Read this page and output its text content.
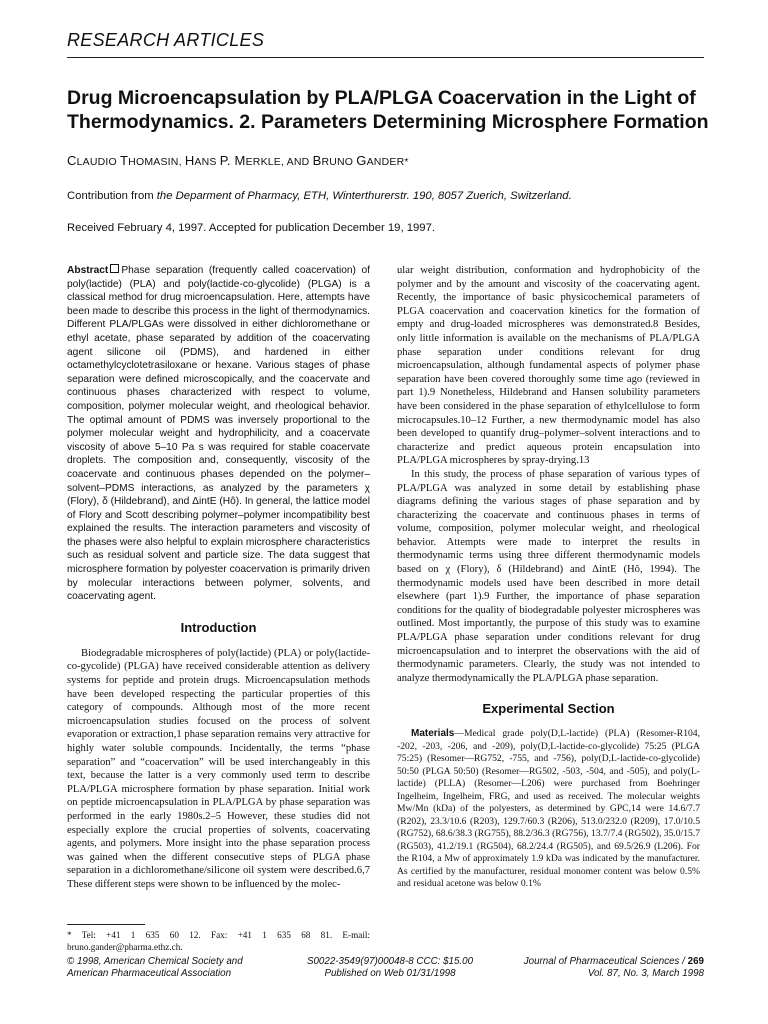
RESEARCH ARTICLES
Drug Microencapsulation by PLA/PLGA Coacervation in the Light of Thermodynamics. 2. Parameters Determining Microsphere Formation
CLAUDIO THOMASIN, HANS P. MERKLE, AND BRUNO GANDER*
Contribution from the Deparment of Pharmacy, ETH, Winterthurerstr. 190, 8057 Zuerich, Switzerland.
Received February 4, 1997. Accepted for publication December 19, 1997.

Abstract Phase separation (frequently called coacervation) of poly(lactide) (PLA) and poly(lactide-co-glycolide) (PLGA) is a classical method for drug microencapsulation. Here, attempts have been made to describe this process in the light of thermodynamics. Different PLA/PLGAs were dissolved in either dichloromethane or ethyl acetate, phase separated by addition of the coacervating agent silicone oil (PDMS), and hardened in either octamethylcyclotetrasiloxane or hexane. Various stages of phase separation were defined microscopically, and the coacervate and continuous phases characterized with respect to volume, composition, polymer molecular weight, and rheological behavior. The optimal amount of PDMS was inversely proportional to the polymer molecular weight and hydrophilicity, and a coacervate viscosity of above 5–10 Pa s was required for stable coacervate droplets. The composition and, consequently, viscosity of the coacervate and continuous phases depended on the polymer–solvent–PDMS interactions, as analyzed by the parameters χ (Flory), δ (Hildebrand), and ΔintE (Hô). In general, the lattice model of Flory and Scott describing polymer–polymer incompatibility best explained the results. The interaction parameters and viscosity of the phases were also helpful to explain microsphere characteristics such as residual solvent and particle size. The data suggest that microsphere formation by polyester coacervation is primarily driven by molecular interactions between polymer, solvents, and coacervating agent.

Introduction

Biodegradable microspheres of poly(lactide) (PLA) or poly(lactide-co-gycolide) (PLGA) have received considerable attention as delivery systems for peptide and protein drugs. Microencapsulation methods have been developed respecting the particular properties of this category of compounds. Although most of the more recent microencapsulation studies focused on the process of solvent evaporation or extraction,1 phase separation remains very attractive for highly water soluble compounds. Incidentally, the terms “phase separation” and “coacervation” will be used interchangeably in this text, because the latter is a very commonly used term to describe PLA/PLGA microsphere formation by phase separation. Initial work on peptide microencapsulation in PLA/PLGA by phase separation was performed in the early 1980s.2–5 However, these studies did not especially explore the crucial properties of solvents, coacervating agents, and polymers. More insight into the phase separation process was gained when the different consecutive steps of PLGA phase separation in a dichloromethane/silicone oil system were described.6,7 These different steps were shown to be influenced by the molec-

* Tel: +41 1 635 60 12. Fax: +41 1 635 68 81. E-mail: bruno.gander@pharma.ethz.ch.

ular weight distribution, conformation and hydrophobicity of the polymer and by the amount and viscosity of the coacervating agent. Recently, the importance of basic physicochemical parameters of PLGA coacervation and coacervation kinetics for the formation of empty and drug-loaded microspheres was demonstrated.8 Besides, only little information is available on the mechanisms of PLA/PLGA phase separation under conditions relevant for drug microencapsulation, although fundamental aspects of polymer phase separation have been covered thoroughly some time ago (reviewed in part 1).9 Nonetheless, Hildebrand and Hansen solubility parameters have been considered in the phase separation of ethylcellulose to form microcapsules.10–12 Further, a new thermodynamic model has also been developed to quantify drug–polymer–solvent interactions and to characterize and predict aqueous protein encapsulation into PLA/PLGA microspheres by spray-drying.13

In this study, the process of phase separation of various types of PLA/PLGA was analyzed in some detail by establishing phase diagrams defining the various stages of phase separation and by characterizing the coacervate and continuous phases in terms of volume, composition, polymer molecular weight, and rheological behavior. Attempts were made to interpret the results in thermodynamic terms using three different thermodynamic models based on χ (Flory), δ (Hildebrand) and ΔintE (Hô, 1994). The thermodynamic models used have been described in more detail elsewhere (part 1).9 Further, the importance of phase separation conditions for the quality of biodegradable polyester microspheres was outlined. Most importantly, the purpose of this study was to examine PLA/PLGA phase separation under conditions relevant for drug microencapsulation and to interpret the observations with the aid of thermodynamic parameters. Clearly, the study was not intended to analyze thermodynamically the PLA/PLGA phase separation.

Experimental Section

Materials—Medical grade poly(D,L-lactide) (PLA) (Resomer-R104, -202, -203, -206, and -209), poly(D,L-lactide-co-glycolide) 75:25 (PLGA 75:25) (Resomer—RG752, -755, and -756), poly(D,L-lactide-co-glycolide) 50:50 (PLGA 50:50) (Resomer—RG502, -503, -504, and -505), and poly(L-lactide) (PLLA) (Resomer—L206) were purchased from Boehringer Ingelheim, Ingelheim, FRG, and used as received. The molecular weights Mw/Mn (kDa) of the polyesters, as determined by GPC,14 were 14.6/7.7 (R202), 23.3/10.6 (R203), 129.7/60.3 (R206), 513.0/232.0 (R209), 17.0/10.5 (RG752), 68.6/38.3 (RG755), 88.2/36.3 (RG756), 13.7/7.4 (RG502), 35.0/15.7 (RG503), 41.2/19.1 (RG504), 68.2/24.4 (RG505), and 69.5/26.9 (L206). For the R104, a Mw of approximately 1.9 kDa was indicated by the manufacturer. As certified by the manufacturer, residual monomer content was below 0.5% and residual acetone was below 0.1%

© 1998, American Chemical Society and
American Pharmaceutical Association
S0022-3549(97)00048-8 CCC: $15.00
Published on Web 01/31/1998
Journal of Pharmaceutical Sciences / 269
Vol. 87, No. 3, March 1998
